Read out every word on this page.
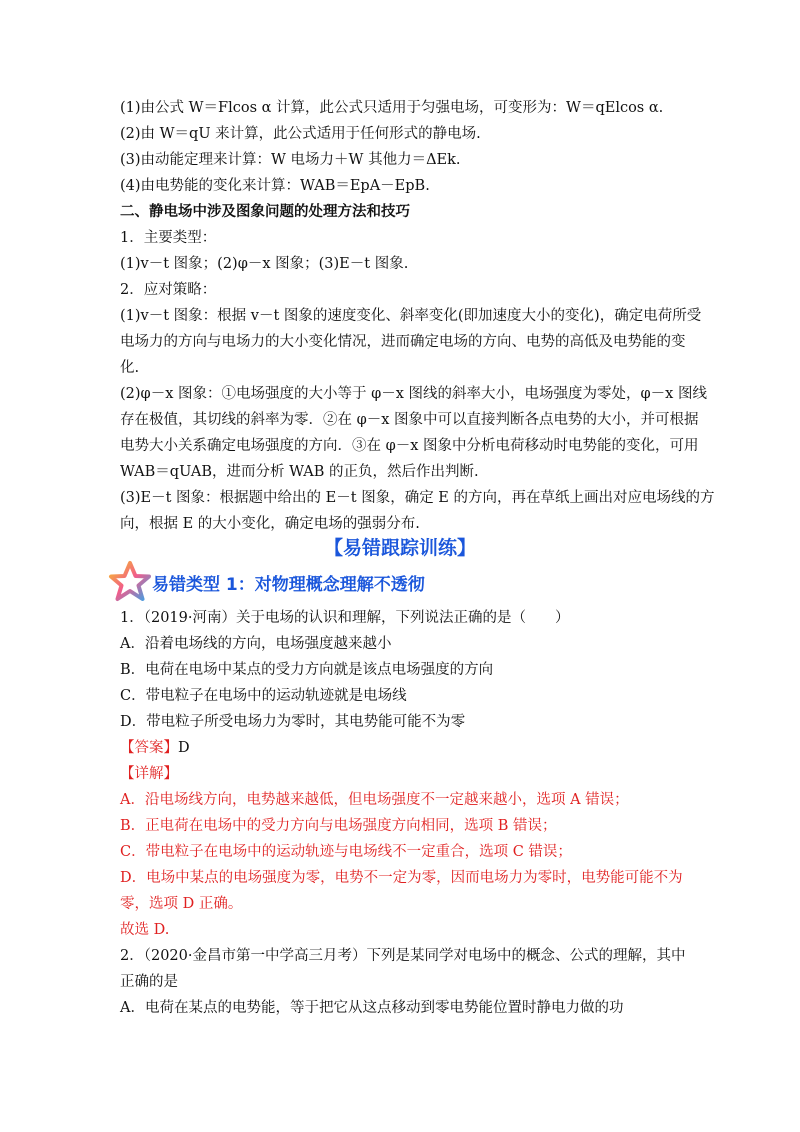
(1)由公式 W＝Flcos α 计算，此公式只适用于匀强电场，可变形为：W＝qElcos α.
(2)由 W＝qU 来计算，此公式适用于任何形式的静电场.
(3)由动能定理来计算：W 电场力＋W 其他力＝ΔEk.
(4)由电势能的变化来计算：WAB＝EpA－EpB.
二、静电场中涉及图象问题的处理方法和技巧
1．主要类型：
(1)v－t 图象；(2)φ－x 图象；(3)E－t 图象.
2．应对策略：
(1)v－t 图象：根据 v－t 图象的速度变化、斜率变化(即加速度大小的变化)，确定电荷所受
电场力的方向与电场力的大小变化情况，进而确定电场的方向、电势的高低及电势能的变
化.
(2)φ－x 图象：①电场强度的大小等于 φ－x 图线的斜率大小，电场强度为零处，φ－x 图线
存在极值，其切线的斜率为零．②在 φ－x 图象中可以直接判断各点电势的大小，并可根据
电势大小关系确定电场强度的方向．③在 φ－x 图象中分析电荷移动时电势能的变化，可用
WAB＝qUAB，进而分析 WAB 的正负，然后作出判断.
(3)E－t 图象：根据题中给出的 E－t 图象，确定 E 的方向，再在草纸上画出对应电场线的方
向，根据 E 的大小变化，确定电场的强弱分布.
【易错跟踪训练】
易错类型 1：对物理概念理解不透彻
1．（2019·河南）关于电场的认识和理解，下列说法正确的是（　　）
A．沿着电场线的方向，电场强度越来越小
B．电荷在电场中某点的受力方向就是该点电场强度的方向
C．带电粒子在电场中的运动轨迹就是电场线
D．带电粒子所受电场力为零时，其电势能可能不为零
【答案】D
【详解】
A．沿电场线方向，电势越来越低，但电场强度不一定越来越小，选项 A 错误；
B．正电荷在电场中的受力方向与电场强度方向相同，选项 B 错误；
C．带电粒子在电场中的运动轨迹与电场线不一定重合，选项 C 错误；
D．电场中某点的电场强度为零，电势不一定为零，因而电场力为零时，电势能可能不为
零，选项 D 正确。
故选 D.
2．（2020·金昌市第一中学高三月考）下列是某同学对电场中的概念、公式的理解，其中
正确的是
A．电荷在某点的电势能，等于把它从这点移动到零电势能位置时静电力做的功
